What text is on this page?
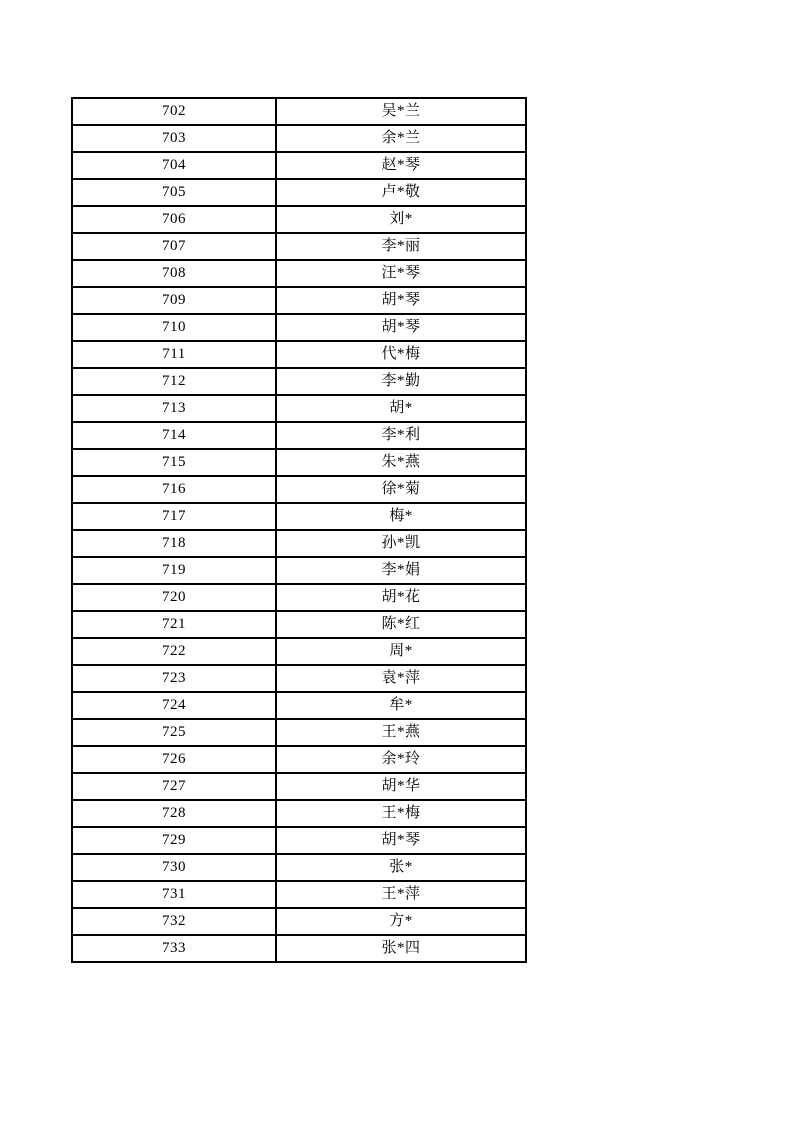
702	吴*兰
703	余*兰
704	赵*琴
705	卢*敬
706	刘*
707	李*丽
708	汪*琴
709	胡*琴
710	胡*琴
711	代*梅
712	李*勤
713	胡*
714	李*利
715	朱*燕
716	徐*菊
717	梅*
718	孙*凯
719	李*娟
720	胡*花
721	陈*红
722	周*
723	袁*萍
724	牟*
725	王*燕
726	余*玲
727	胡*华
728	王*梅
729	胡*琴
730	张*
731	王*萍
732	方*
733	张*四
